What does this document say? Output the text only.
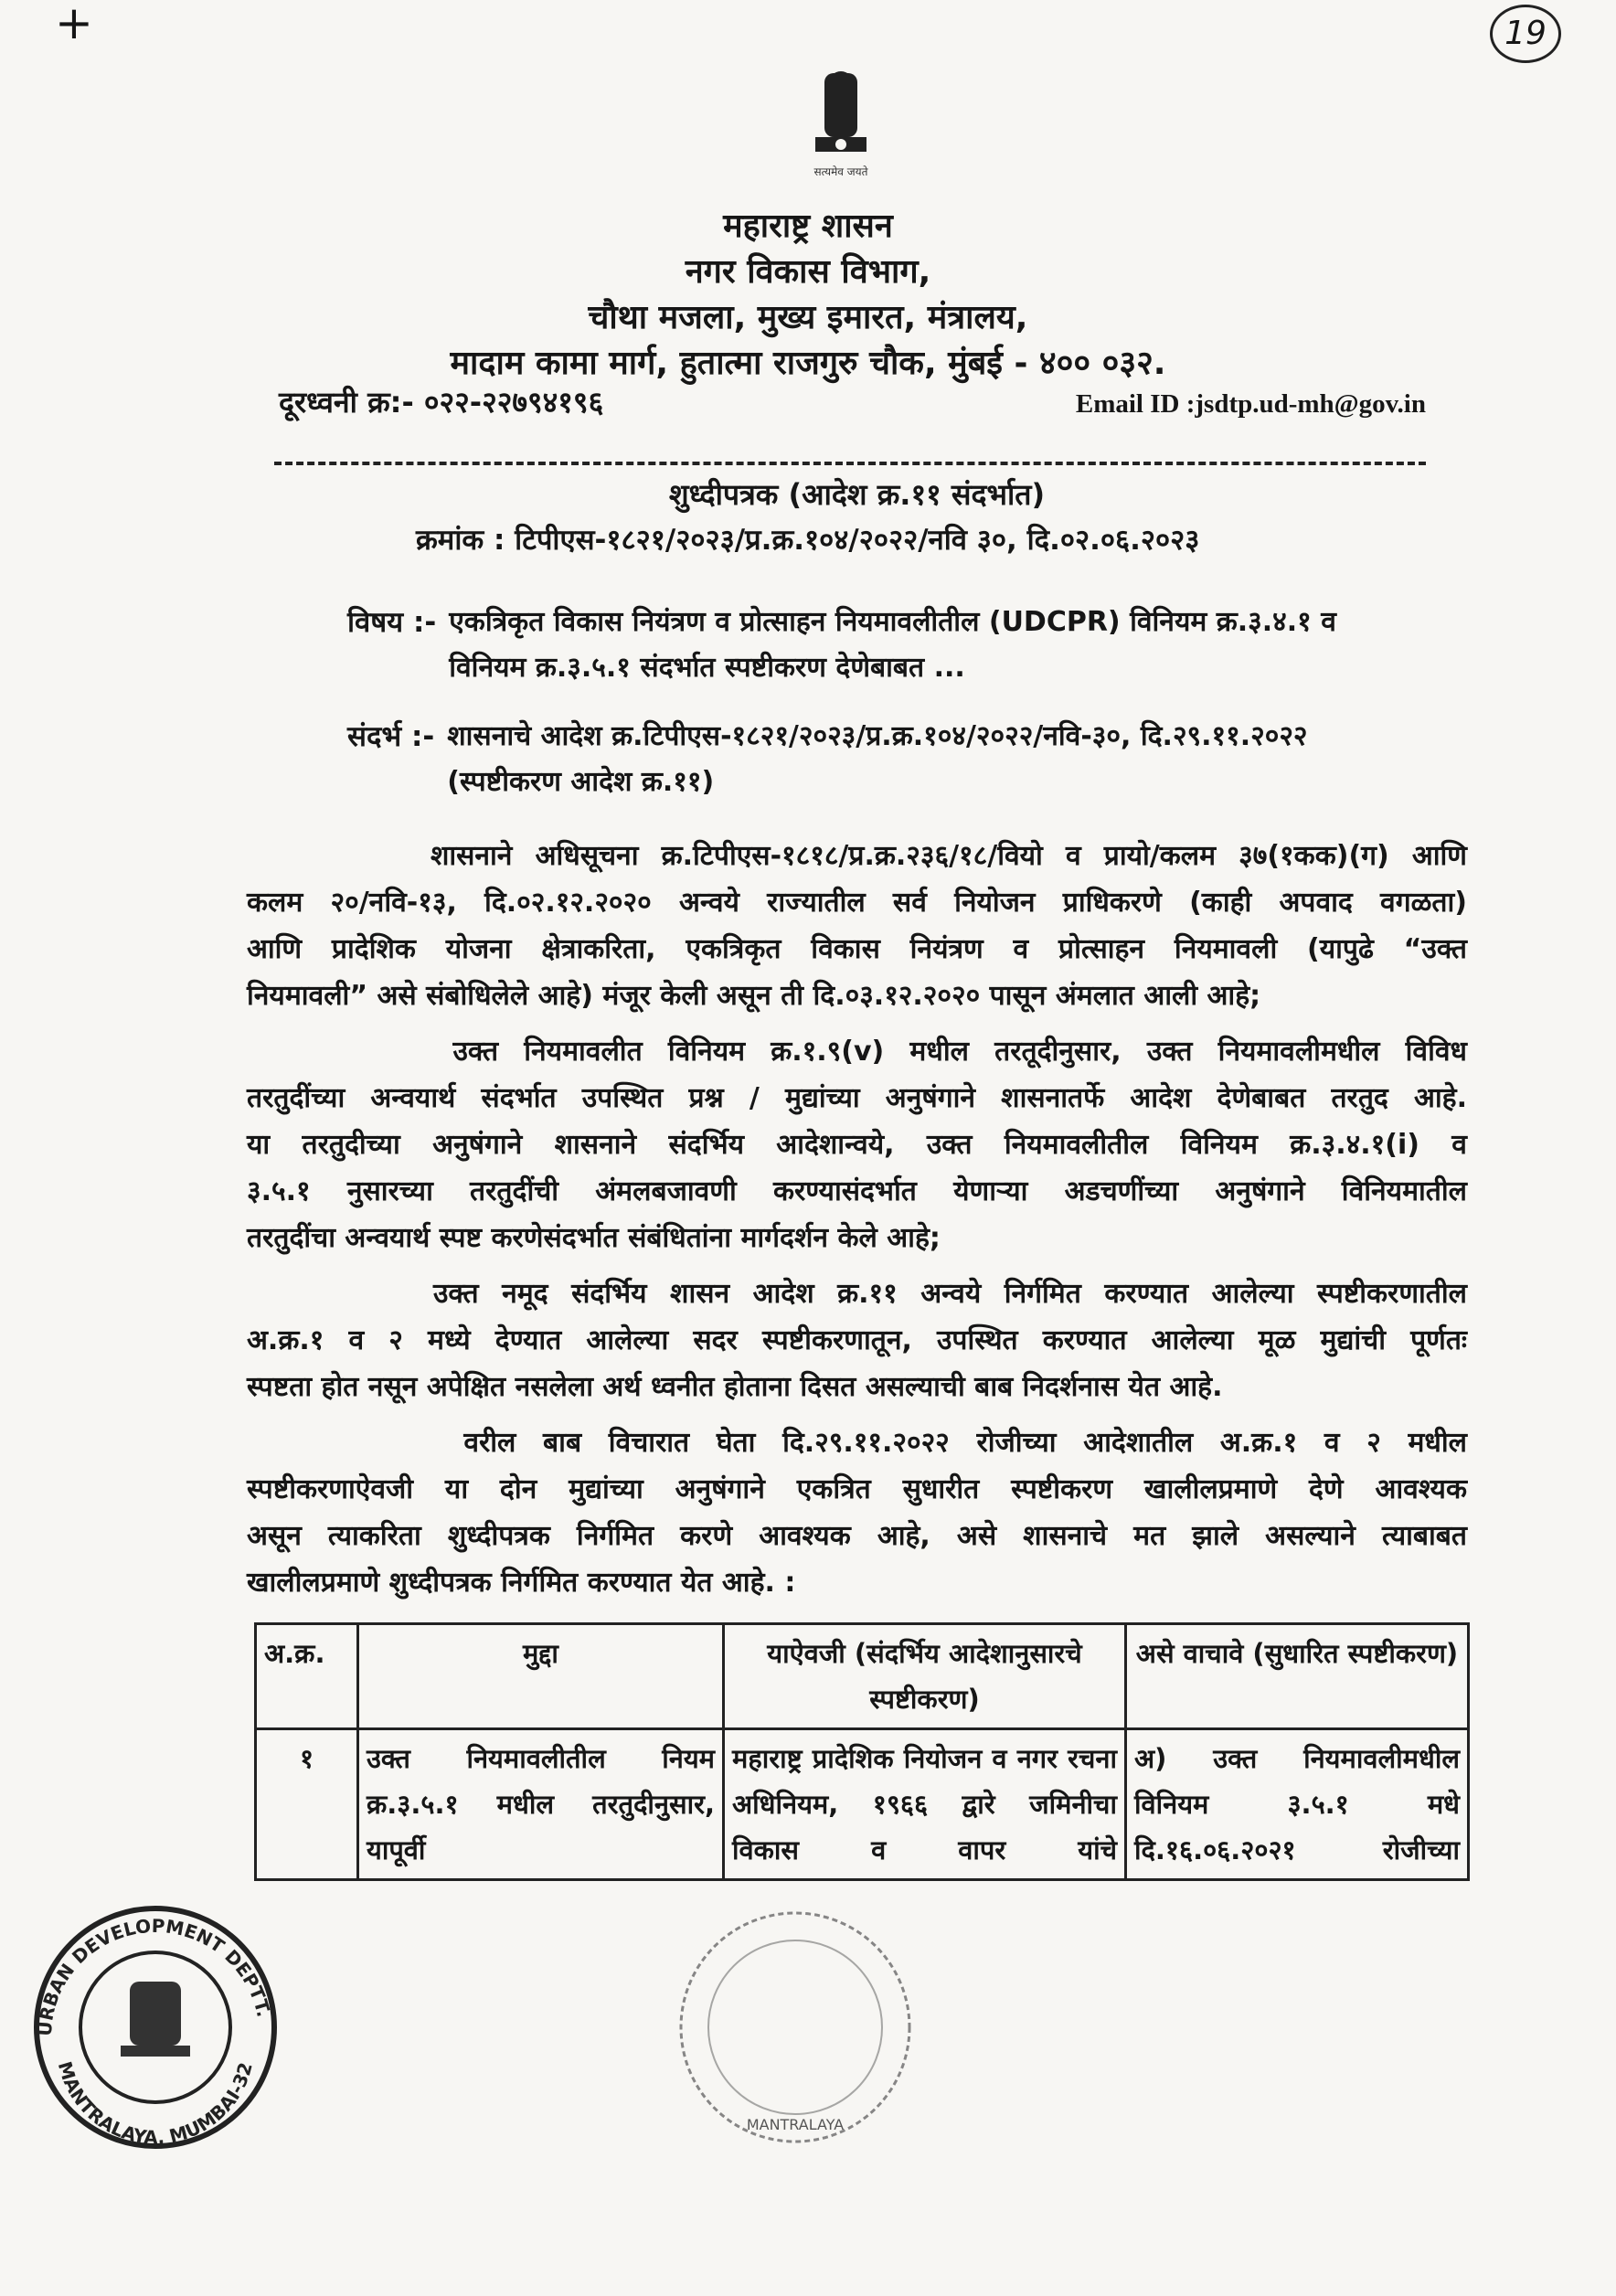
19
+
सत्यमेव जयते
महाराष्ट्र शासन
नगर विकास विभाग,
चौथा मजला, मुख्य इमारत, मंत्रालय,
मादाम कामा मार्ग, हुतात्मा राजगुरु चौक, मुंबई - ४०० ०३२.
दूरध्वनी क्र:- ०२२-२२७९४१९६	Email ID :jsdtp.ud-mh@gov.in
शुध्दीपत्रक (आदेश क्र.११ संदर्भात)
क्रमांक : टिपीएस-१८२१/२०२३/प्र.क्र.१०४/२०२२/नवि ३०, दि.०२.०६.२०२३
विषय :- एकत्रिकृत विकास नियंत्रण व प्रोत्साहन नियमावलीतील (UDCPR) विनियम क्र.३.४.१ व
विनियम क्र.३.५.१ संदर्भात स्पष्टीकरण देणेबाबत ...
संदर्भ :- शासनाचे आदेश क्र.टिपीएस-१८२१/२०२३/प्र.क्र.१०४/२०२२/नवि-३०, दि.२९.११.२०२२
(स्पष्टीकरण आदेश क्र.११)
शासनाने अधिसूचना क्र.टिपीएस-१८१८/प्र.क्र.२३६/१८/वियो व प्रायो/कलम ३७(१कक)(ग) आणि
कलम २०/नवि-१३, दि.०२.१२.२०२० अन्वये राज्यातील सर्व नियोजन प्राधिकरणे (काही अपवाद वगळता)
आणि प्रादेशिक योजना क्षेत्राकरिता, एकत्रिकृत विकास नियंत्रण व प्रोत्साहन नियमावली (यापुढे “उक्त
नियमावली” असे संबोधिलेले आहे) मंजूर केली असून ती दि.०३.१२.२०२० पासून अंमलात आली आहे;
उक्त नियमावलीत विनियम क्र.१.९(v) मधील तरतूदीनुसार, उक्त नियमावलीमधील विविध
तरतुदींच्या अन्वयार्थ संदर्भात उपस्थित प्रश्न / मुद्यांच्या अनुषंगाने शासनातर्फे आदेश देणेबाबत तरतुद आहे.
या तरतुदीच्या अनुषंगाने शासनाने संदर्भिय आदेशान्वये, उक्त नियमावलीतील विनियम क्र.३.४.१(i) व
३.५.१ नुसारच्या तरतुदींची अंमलबजावणी करण्यासंदर्भात येणाऱ्या अडचणींच्या अनुषंगाने विनियमातील
तरतुदींचा अन्वयार्थ स्पष्ट करणेसंदर्भात संबंधितांना मार्गदर्शन केले आहे;
उक्त नमूद संदर्भिय शासन आदेश क्र.११ अन्वये निर्गमित करण्यात आलेल्या स्पष्टीकरणातील
अ.क्र.१ व २ मध्ये देण्यात आलेल्या सदर स्पष्टीकरणातून, उपस्थित करण्यात आलेल्या मूळ मुद्यांची पूर्णतः
स्पष्टता होत नसून अपेक्षित नसलेला अर्थ ध्वनीत होताना दिसत असल्याची बाब निदर्शनास येत आहे.
वरील बाब विचारात घेता दि.२९.११.२०२२ रोजीच्या आदेशातील अ.क्र.१ व २ मधील
स्पष्टीकरणाऐवजी या दोन मुद्यांच्या अनुषंगाने एकत्रित सुधारीत स्पष्टीकरण खालीलप्रमाणे देणे आवश्यक
असून त्याकरिता शुध्दीपत्रक निर्गमित करणे आवश्यक आहे, असे शासनाचे मत झाले असल्याने त्याबाबत
खालीलप्रमाणे शुध्दीपत्रक निर्गमित करण्यात येत आहे. :
अ.क्र.	मुद्दा	याऐवजी (संदर्भिय आदेशानुसारचे स्पष्टीकरण)	असे वाचावे (सुधारित स्पष्टीकरण)
१	उक्त नियमावलीतील नियम क्र.३.५.१ मधील तरतुदीनुसार, यापूर्वी	महाराष्ट्र प्रादेशिक नियोजन व नगर रचना अधिनियम, १९६६ द्वारे जमिनीचा विकास व वापर यांचे	अ) उक्त नियमावलीमधील विनियम ३.५.१ मधे दि.१६.०६.२०२१ रोजीच्या
URBAN DEVELOPMENT DEPTT.
MANTRALAYA, MUMBAI-32
MANTRALAYA
